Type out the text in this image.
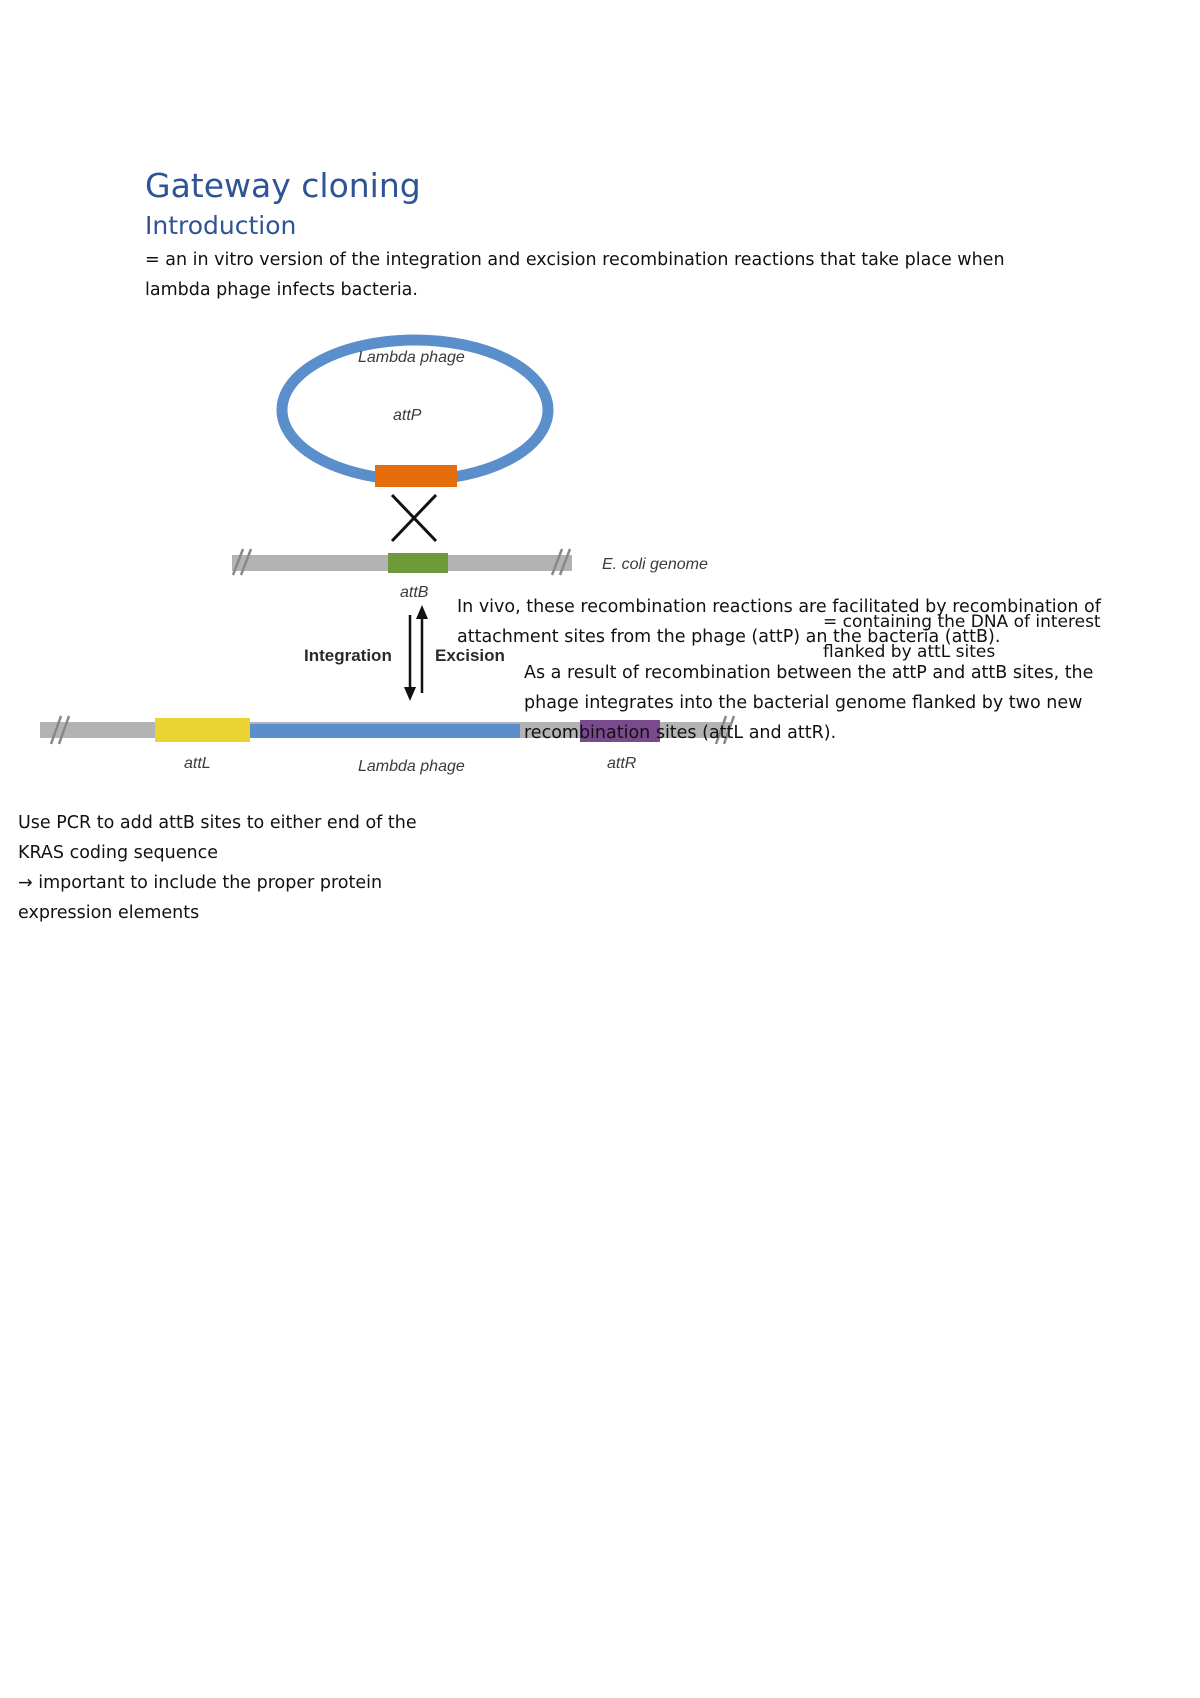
Gateway cloning
Introduction
= an in vitro version of the integration and excision recombination reactions that take place when
lambda phage infects bacteria.
Lambda phage
attP
E. coli genome
attB
Integration	Excision
attL	Lambda phage	attR
In vivo, these recombination reactions are facilitated by recombination of
attachment sites from the phage (attP) an the bacteria (attB).
= containing the DNA of interest
flanked by attL sites
As a result of recombination between the attP and attB sites, the
phage integrates into the bacterial genome flanked by two new
recombination sites (attL and attR).
Use PCR to add attB sites to either end of the
KRAS coding sequence
→ important to include the proper protein
expression elements
